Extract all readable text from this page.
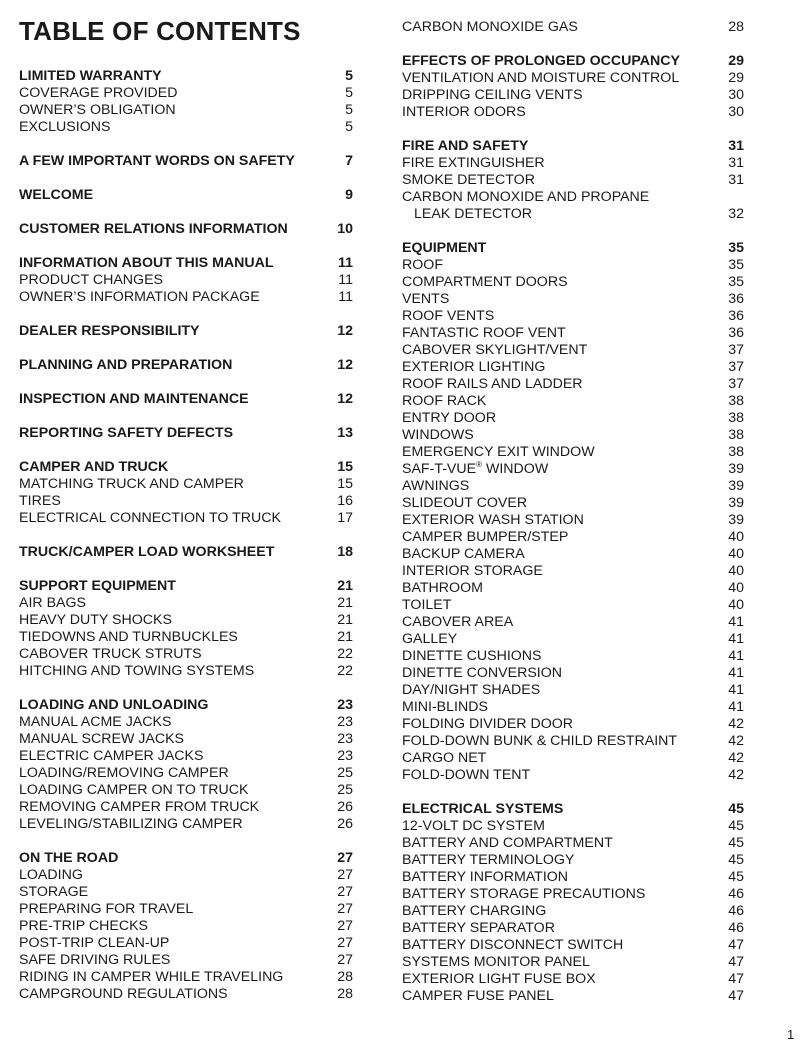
TABLE OF CONTENTS
LIMITED WARRANTY	5
COVERAGE PROVIDED	5
OWNER’S OBLIGATION	5
EXCLUSIONS	5
A FEW IMPORTANT WORDS ON SAFETY	7
WELCOME	9
CUSTOMER RELATIONS INFORMATION	10
INFORMATION ABOUT THIS MANUAL	11
PRODUCT CHANGES	11
OWNER’S INFORMATION PACKAGE	11
DEALER RESPONSIBILITY	12
PLANNING AND PREPARATION	12
INSPECTION AND MAINTENANCE	12
REPORTING SAFETY DEFECTS	13
CAMPER AND TRUCK	15
MATCHING TRUCK AND CAMPER	15
TIRES	16
ELECTRICAL CONNECTION TO TRUCK	17
TRUCK/CAMPER LOAD WORKSHEET	18
SUPPORT EQUIPMENT	21
AIR BAGS	21
HEAVY DUTY SHOCKS	21
TIEDOWNS AND TURNBUCKLES	21
CABOVER TRUCK STRUTS	22
HITCHING AND TOWING SYSTEMS	22
LOADING AND UNLOADING	23
MANUAL ACME JACKS	23
MANUAL SCREW JACKS	23
ELECTRIC CAMPER JACKS	23
LOADING/REMOVING CAMPER	25
LOADING CAMPER ON TO TRUCK	25
REMOVING CAMPER FROM TRUCK	26
LEVELING/STABILIZING CAMPER	26
ON THE ROAD	27
LOADING	27
STORAGE	27
PREPARING FOR TRAVEL	27
PRE-TRIP CHECKS	27
POST-TRIP CLEAN-UP	27
SAFE DRIVING RULES	27
RIDING IN CAMPER WHILE TRAVELING	28
CAMPGROUND REGULATIONS	28
CARBON MONOXIDE GAS	28
EFFECTS OF PROLONGED OCCUPANCY	29
VENTILATION AND MOISTURE CONTROL	29
DRIPPING CEILING VENTS	30
INTERIOR ODORS	30
FIRE AND SAFETY	31
FIRE EXTINGUISHER	31
SMOKE DETECTOR	31
CARBON MONOXIDE AND PROPANE
LEAK DETECTOR	32
EQUIPMENT	35
ROOF	35
COMPARTMENT DOORS	35
VENTS	36
ROOF VENTS	36
FANTASTIC ROOF VENT	36
CABOVER SKYLIGHT/VENT	37
EXTERIOR LIGHTING	37
ROOF RAILS AND LADDER	37
ROOF RACK	38
ENTRY DOOR	38
WINDOWS	38
EMERGENCY EXIT WINDOW	38
SAF-T-VUE® WINDOW	39
AWNINGS	39
SLIDEOUT COVER	39
EXTERIOR WASH STATION	39
CAMPER BUMPER/STEP	40
BACKUP CAMERA	40
INTERIOR STORAGE	40
BATHROOM	40
TOILET	40
CABOVER AREA	41
GALLEY	41
DINETTE CUSHIONS	41
DINETTE CONVERSION	41
DAY/NIGHT SHADES	41
MINI-BLINDS	41
FOLDING DIVIDER DOOR	42
FOLD-DOWN BUNK & CHILD RESTRAINT	42
CARGO NET	42
FOLD-DOWN TENT	42
ELECTRICAL SYSTEMS	45
12-VOLT DC SYSTEM	45
BATTERY AND COMPARTMENT	45
BATTERY TERMINOLOGY	45
BATTERY INFORMATION	45
BATTERY STORAGE PRECAUTIONS	46
BATTERY CHARGING	46
BATTERY SEPARATOR	46
BATTERY DISCONNECT SWITCH	47
SYSTEMS MONITOR PANEL	47
EXTERIOR LIGHT FUSE BOX	47
CAMPER FUSE PANEL	47
1
